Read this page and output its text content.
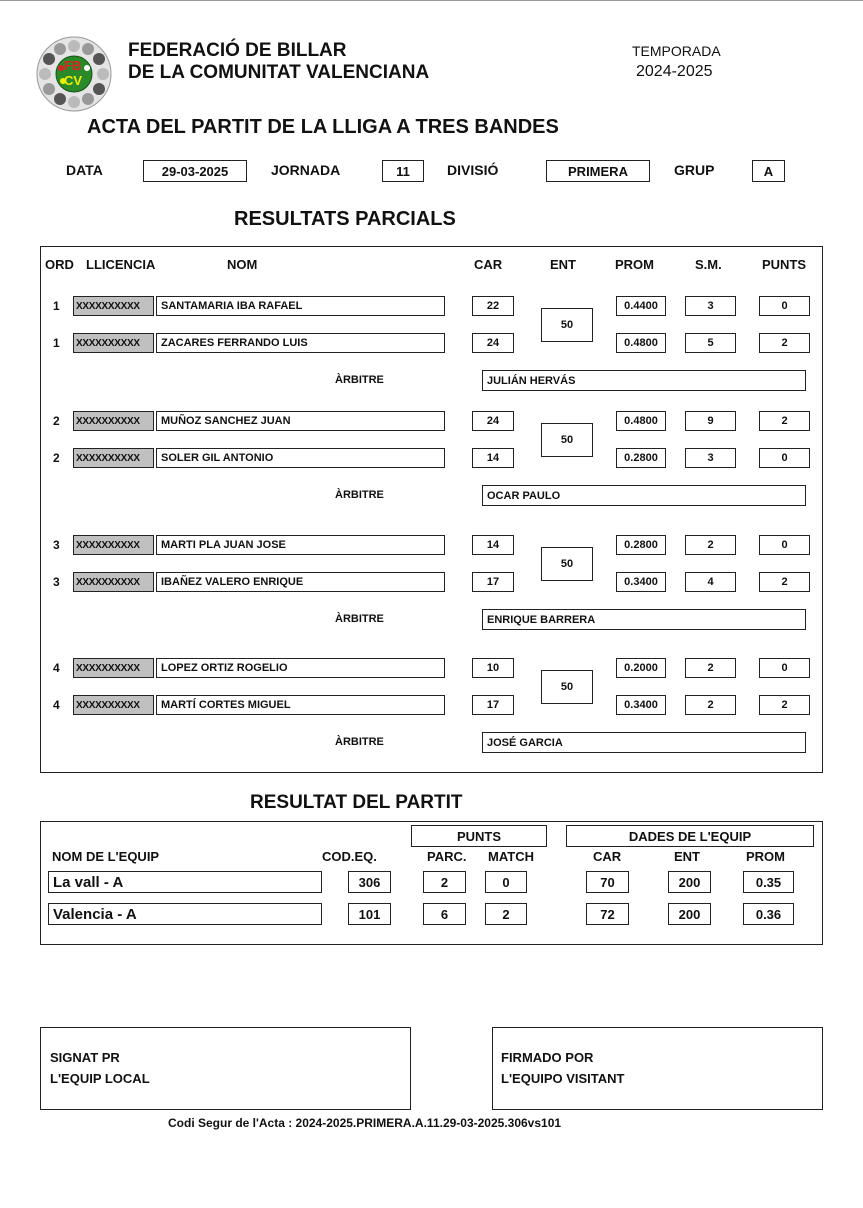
FB
CV
FEDERACIÓ DE BILLAR
DE LA COMUNITAT VALENCIANA
TEMPORADA
2024-2025
ACTA DEL PARTIT DE LA LLIGA A TRES BANDES
DATA	29-03-2025	JORNADA	11	DIVISIÓ	PRIMERA	GRUP	A
RESULTATS PARCIALS
ORD LLICENCIA	NOM	CAR	ENT	PROM	S.M.	PUNTS
1	XXXXXXXXXX	SANTAMARIA IBA RAFAEL	22	0.4400	3	0
1	XXXXXXXXXX	ZACARES FERRANDO LUIS	24	0.4800	5	2
50
ÀRBITRE	JULIÁN HERVÁS
2	XXXXXXXXXX	MUÑOZ SANCHEZ JUAN	24	0.4800	9	2
2	XXXXXXXXXX	SOLER GIL ANTONIO	14	0.2800	3	0
50
ÀRBITRE	OCAR PAULO
3	XXXXXXXXXX	MARTI PLA JUAN JOSE	14	0.2800	2	0
3	XXXXXXXXXX	IBAÑEZ VALERO ENRIQUE	17	0.3400	4	2
50
ÀRBITRE	ENRIQUE BARRERA
4	XXXXXXXXXX	LOPEZ ORTIZ ROGELIO	10	0.2000	2	0
4	XXXXXXXXXX	MARTÍ CORTES MIGUEL	17	0.3400	2	2
50
ÀRBITRE	JOSÉ GARCIA
RESULTAT DEL PARTIT
PUNTS	DADES DE L'EQUIP
NOM DE L'EQUIP	COD.EQ.	PARC. MATCH	CAR	ENT	PROM
La vall - A	306	2	0	70	200	0.35
Valencia - A	101	6	2	72	200	0.36
SIGNAT PR
L'EQUIP LOCAL
FIRMADO POR
L'EQUIPO VISITANT
Codi Segur de l'Acta : 2024-2025.PRIMERA.A.11.29-03-2025.306vs101
